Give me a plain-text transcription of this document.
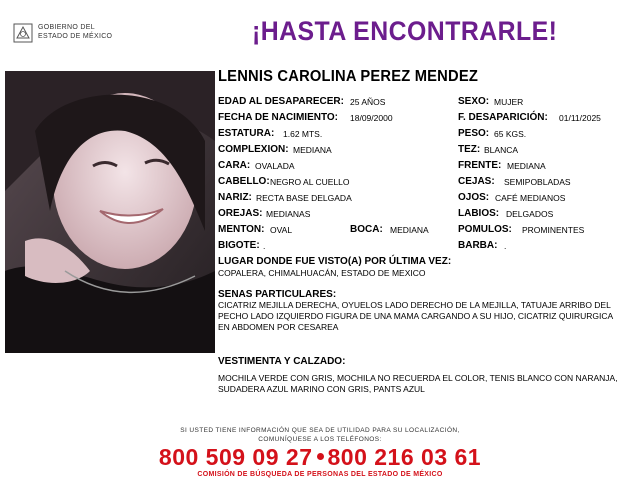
GOBIERNO DEL
ESTADO DE MÉXICO	¡HASTA ENCONTRARLE!
LENNIS CAROLINA PEREZ MENDEZ
EDAD AL DESAPARECER: 25 AÑOS
FECHA DE NACIMIENTO: 18/09/2000
ESTATURA: 1.62 MTS.
COMPLEXION: MEDIANA
CARA: OVALADA
CABELLO: NEGRO AL CUELLO
NARIZ: RECTA BASE DELGADA
OREJAS: MEDIANAS
MENTON: OVAL	BOCA: MEDIANA
BIGOTE: .
SEXO: MUJER
F. DESAPARICIÓN: 01/11/2025
PESO: 65 KGS.
TEZ: BLANCA
FRENTE: MEDIANA
CEJAS: SEMIPOBLADAS
OJOS: CAFÉ MEDIANOS
LABIOS: DELGADOS
POMULOS: PROMINENTES
BARBA: .
LUGAR DONDE FUE VISTO(A) POR ÚLTIMA VEZ:
COPALERA, CHIMALHUACÁN, ESTADO DE MEXICO
SENAS PARTICULARES:
CICATRIZ MEJILLA DERECHA, OYUELOS LADO DERECHO DE LA MEJILLA, TATUAJE ARRIBO DEL PECHO LADO IZQUIERDO FIGURA DE UNA MAMA CARGANDO A SU HIJO, CICATRIZ QUIRURGICA EN ABDOMEN POR CESAREA
VESTIMENTA Y CALZADO:
MOCHILA VERDE CON GRIS, MOCHILA NO RECUERDA EL COLOR, TENIS BLANCO CON NARANJA, SUDADERA AZUL MARINO CON GRIS, PANTS AZUL
SI USTED TIENE INFORMACIÓN QUE SEA DE UTILIDAD PARA SU LOCALIZACIÓN,
COMUNÍQUESE A LOS TELÉFONOS:
800 509 09 27 800 216 03 61
COMISIÓN DE BÚSQUEDA DE PERSONAS DEL ESTADO DE MÉXICO
